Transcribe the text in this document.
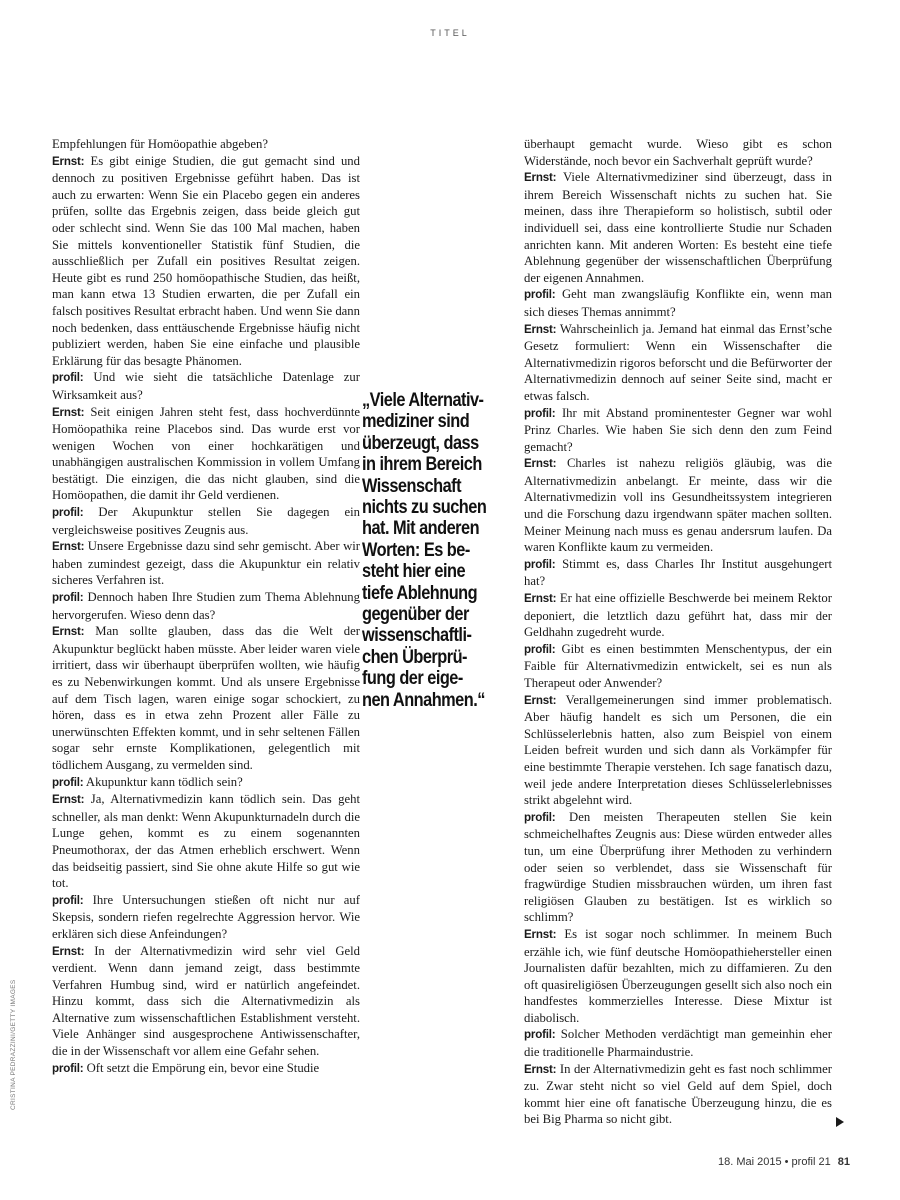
TITEL

Empfehlungen für Homöopathie abgeben?

Ernst: Es gibt einige Studien, die gut gemacht sind und dennoch zu positiven Ergebnisse geführt haben. Das ist auch zu erwarten: Wenn Sie ein Placebo gegen ein anderes prüfen, sollte das Ergebnis zeigen, dass beide gleich gut oder schlecht sind. Wenn Sie das 100 Mal machen, haben Sie mittels konventioneller Statistik fünf Studien, die ausschließlich per Zufall ein positives Resultat zeigen. Heute gibt es rund 250 homöopathische Studien, das heißt, man kann etwa 13 Studien erwarten, die per Zufall ein falsch positives Resultat erbracht haben. Und wenn Sie dann noch bedenken, dass enttäuschende Ergebnisse häufig nicht publiziert werden, haben Sie eine einfache und plausible Erklärung für das besagte Phänomen.

profil: Und wie sieht die tatsächliche Datenlage zur Wirksamkeit aus?

Ernst: Seit einigen Jahren steht fest, dass hochverdünnte Homöopathika reine Placebos sind. Das wurde erst vor wenigen Wochen von einer hochkarätigen und unabhängigen australischen Kommission in vollem Umfang bestätigt. Die einzigen, die das nicht glauben, sind die Homöopathen, die damit ihr Geld verdienen.

profil: Der Akupunktur stellen Sie dagegen ein vergleichsweise positives Zeugnis aus.

Ernst: Unsere Ergebnisse dazu sind sehr gemischt. Aber wir haben zumindest gezeigt, dass die Akupunktur ein relativ sicheres Verfahren ist.

profil: Dennoch haben Ihre Studien zum Thema Ablehnung hervorgerufen. Wieso denn das?

Ernst: Man sollte glauben, dass das die Welt der Akupunktur beglückt haben müsste. Aber leider waren viele irritiert, dass wir überhaupt überprüfen wollten, wie häufig es zu Nebenwirkungen kommt. Und als unsere Ergebnisse auf dem Tisch lagen, waren einige sogar schockiert, zu hören, dass es in etwa zehn Prozent aller Fälle zu unerwünschten Effekten kommt, und in sehr seltenen Fällen sogar sehr ernste Komplikationen, gelegentlich mit tödlichem Ausgang, zu vermelden sind.

profil: Akupunktur kann tödlich sein?

Ernst: Ja, Alternativmedizin kann tödlich sein. Das geht schneller, als man denkt: Wenn Akupunkturnadeln durch die Lunge gehen, kommt es zu einem sogenannten Pneumothorax, der das Atmen erheblich erschwert. Wenn das beidseitig passiert, sind Sie ohne akute Hilfe so gut wie tot.

profil: Ihre Untersuchungen stießen oft nicht nur auf Skepsis, sondern riefen regelrechte Aggression hervor. Wie erklären sich diese Anfeindungen?

Ernst: In der Alternativmedizin wird sehr viel Geld verdient. Wenn dann jemand zeigt, dass bestimmte Verfahren Humbug sind, wird er natürlich angefeindet. Hinzu kommt, dass sich die Alternativmedizin als Alternative zum wissenschaftlichen Establishment versteht. Viele Anhänger sind ausgesprochene Antiwissenschafter, die in der Wissenschaft vor allem eine Gefahr sehen.

profil: Oft setzt die Empörung ein, bevor eine Studie

„Viele Alternativ-
mediziner sind
überzeugt, dass
in ihrem Bereich
Wissenschaft
nichts zu suchen
hat. Mit anderen
Worten: Es be-
steht hier eine
tiefe Ablehnung
gegenüber der
wissenschaftli-
chen Überprü-
fung der eige-
nen Annahmen.“

überhaupt gemacht wurde. Wieso gibt es schon Widerstände, noch bevor ein Sachverhalt geprüft wurde?

Ernst: Viele Alternativmediziner sind überzeugt, dass in ihrem Bereich Wissenschaft nichts zu suchen hat. Sie meinen, dass ihre Therapieform so holistisch, subtil oder individuell sei, dass eine kontrollierte Studie nur Schaden anrichten kann. Mit anderen Worten: Es besteht eine tiefe Ablehnung gegenüber der wissenschaftlichen Überprüfung der eigenen Annahmen.

profil: Geht man zwangsläufig Konflikte ein, wenn man sich dieses Themas annimmt?

Ernst: Wahrscheinlich ja. Jemand hat einmal das Ernst’sche Gesetz formuliert: Wenn ein Wissenschafter die Alternativmedizin rigoros beforscht und die Befürworter der Alternativmedizin dennoch auf seiner Seite sind, macht er etwas falsch.

profil: Ihr mit Abstand prominentester Gegner war wohl Prinz Charles. Wie haben Sie sich denn den zum Feind gemacht?

Ernst: Charles ist nahezu religiös gläubig, was die Alternativmedizin anbelangt. Er meinte, dass wir die Alternativmedizin voll ins Gesundheitssystem integrieren und die Forschung dazu irgendwann später machen sollten. Meiner Meinung nach muss es genau andersrum laufen. Da waren Konflikte kaum zu vermeiden.

profil: Stimmt es, dass Charles Ihr Institut ausgehungert hat?

Ernst: Er hat eine offizielle Beschwerde bei meinem Rektor deponiert, die letztlich dazu geführt hat, dass mir der Geldhahn zugedreht wurde.

profil: Gibt es einen bestimmten Menschentypus, der ein Faible für Alternativmedizin entwickelt, sei es nun als Therapeut oder Anwender?

Ernst: Verallgemeinerungen sind immer problematisch. Aber häufig handelt es sich um Personen, die ein Schlüsselerlebnis hatten, also zum Beispiel von einem Leiden befreit wurden und sich dann als Vorkämpfer für eine bestimmte Therapie verstehen. Ich sage fanatisch dazu, weil jede andere Interpretation dieses Schlüsselerlebnisses strikt abgelehnt wird.

profil: Den meisten Therapeuten stellen Sie kein schmeichelhaftes Zeugnis aus: Diese würden entweder alles tun, um eine Überprüfung ihrer Methoden zu verhindern oder seien so verblendet, dass sie Wissenschaft für fragwürdige Studien missbrauchen würden, um ihren fast religiösen Glauben zu bestätigen. Ist es wirklich so schlimm?

Ernst: Es ist sogar noch schlimmer. In meinem Buch erzähle ich, wie fünf deutsche Homöopathiehersteller einen Journalisten dafür bezahlten, mich zu diffamieren. Zu den oft quasireligiösen Überzeugungen gesellt sich also noch ein handfestes kommerzielles Interesse. Diese Mixtur ist diabolisch.

profil: Solcher Methoden verdächtigt man gemeinhin eher die traditionelle Pharmaindustrie.

Ernst: In der Alternativmedizin geht es fast noch schlimmer zu. Zwar steht nicht so viel Geld auf dem Spiel, doch kommt hier eine oft fanatische Überzeugung hinzu, die es bei Big Pharma so nicht gibt.

CRISTINA PEDRAZZINI/GETTY IMAGES
18. Mai 2015 • profil 21 81
